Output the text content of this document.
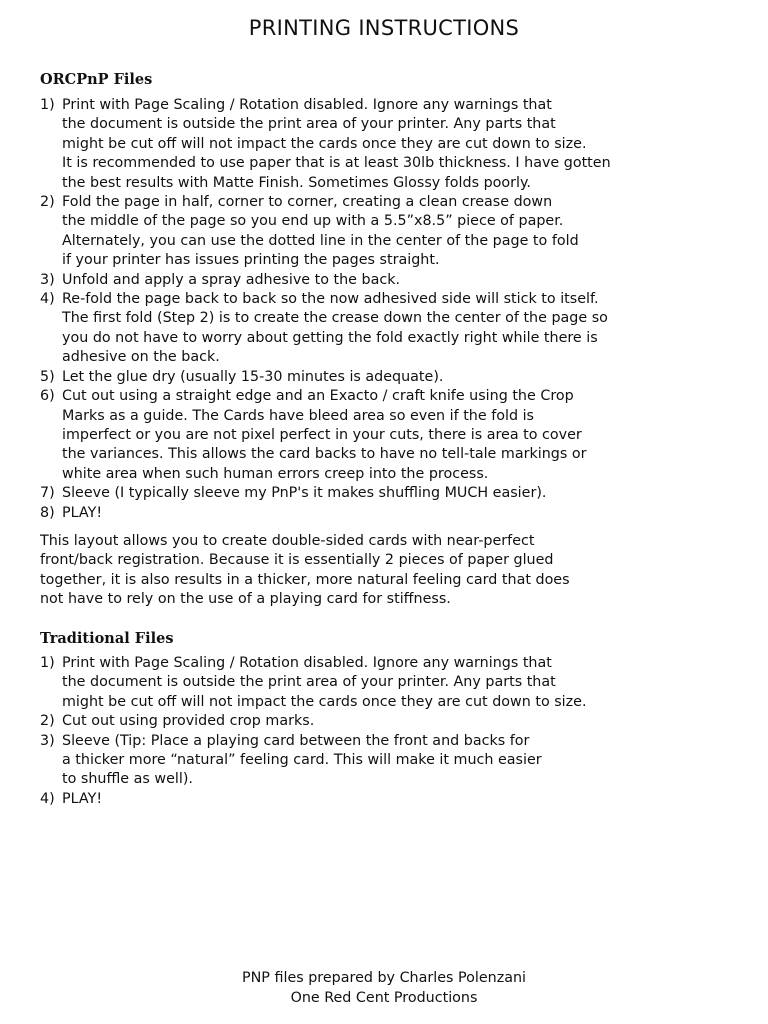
PRINTING INSTRUCTIONS
ORCPnP Files
1) Print with Page Scaling / Rotation disabled. Ignore any warnings that
the document is outside the print area of your printer. Any parts that
might be cut off will not impact the cards once they are cut down to size.
It is recommended to use paper that is at least 30lb thickness. I have gotten
the best results with Matte Finish. Sometimes Glossy folds poorly.
2) Fold the page in half, corner to corner, creating a clean crease down
the middle of the page so you end up with a 5.5”x8.5” piece of paper.
Alternately, you can use the dotted line in the center of the page to fold
if your printer has issues printing the pages straight.
3) Unfold and apply a spray adhesive to the back.
4) Re-fold the page back to back so the now adhesived side will stick to itself.
The first fold (Step 2) is to create the crease down the center of the page so
you do not have to worry about getting the fold exactly right while there is
adhesive on the back.
5) Let the glue dry (usually 15-30 minutes is adequate).
6) Cut out using a straight edge and an Exacto / craft knife using the Crop
Marks as a guide. The Cards have bleed area so even if the fold is
imperfect or you are not pixel perfect in your cuts, there is area to cover
the variances. This allows the card backs to have no tell-tale markings or
white area when such human errors creep into the process.
7) Sleeve (I typically sleeve my PnP's it makes shuffling MUCH easier).
8) PLAY!

This layout allows you to create double-sided cards with near-perfect
front/back registration. Because it is essentially 2 pieces of paper glued
together, it is also results in a thicker, more natural feeling card that does
not have to rely on the use of a playing card for stiffness.

Traditional Files
1) Print with Page Scaling / Rotation disabled. Ignore any warnings that
the document is outside the print area of your printer. Any parts that
might be cut off will not impact the cards once they are cut down to size.
2) Cut out using provided crop marks.
3) Sleeve (Tip: Place a playing card between the front and backs for
a thicker more “natural” feeling card. This will make it much easier
to shuffle as well).
4) PLAY!
PNP files prepared by Charles Polenzani
One Red Cent Productions
